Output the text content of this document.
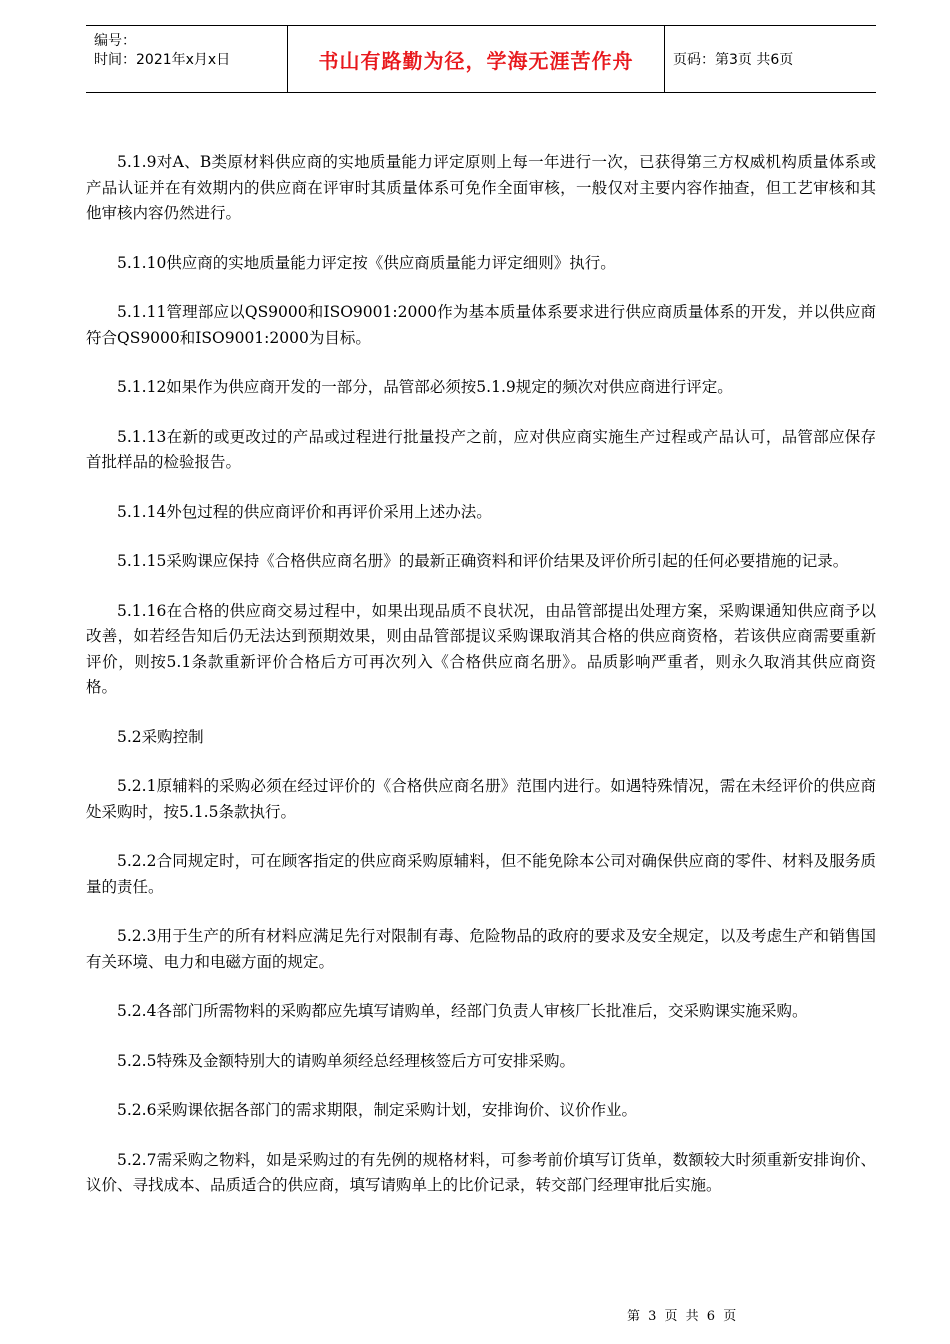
编号：
时间：2021年x月x日	书山有路勤为径，学海无涯苦作舟	页码：第3页 共6页

5.1.9对A、B类原材料供应商的实地质量能力评定原则上每一年进行一次，已获得第三方权威机构质量体系或产品认证并在有效期内的供应商在评审时其质量体系可免作全面审核，一般仅对主要内容作抽查，但工艺审核和其他审核内容仍然进行。

5.1.10供应商的实地质量能力评定按《供应商质量能力评定细则》执行。

5.1.11管理部应以QS9000和ISO9001:2000作为基本质量体系要求进行供应商质量体系的开发，并以供应商符合QS9000和ISO9001:2000为目标。

5.1.12如果作为供应商开发的一部分，品管部必须按5.1.9规定的频次对供应商进行评定。

5.1.13在新的或更改过的产品或过程进行批量投产之前，应对供应商实施生产过程或产品认可，品管部应保存首批样品的检验报告。

5.1.14外包过程的供应商评价和再评价采用上述办法。

5.1.15采购课应保持《合格供应商名册》的最新正确资料和评价结果及评价所引起的任何必要措施的记录。

5.1.16在合格的供应商交易过程中，如果出现品质不良状况，由品管部提出处理方案，采购课通知供应商予以改善，如若经告知后仍无法达到预期效果，则由品管部提议采购课取消其合格的供应商资格，若该供应商需要重新评价，则按5.1条款重新评价合格后方可再次列入《合格供应商名册》。品质影响严重者，则永久取消其供应商资格。

5.2采购控制

5.2.1原辅料的采购必须在经过评价的《合格供应商名册》范围内进行。如遇特殊情况，需在未经评价的供应商处采购时，按5.1.5条款执行。

5.2.2合同规定时，可在顾客指定的供应商采购原辅料，但不能免除本公司对确保供应商的零件、材料及服务质量的责任。

5.2.3用于生产的所有材料应满足先行对限制有毒、危险物品的政府的要求及安全规定，以及考虑生产和销售国有关环境、电力和电磁方面的规定。

5.2.4各部门所需物料的采购都应先填写请购单，经部门负责人审核厂长批准后，交采购课实施采购。

5.2.5特殊及金额特别大的请购单须经总经理核签后方可安排采购。

5.2.6采购课依据各部门的需求期限，制定采购计划，安排询价、议价作业。

5.2.7需采购之物料，如是采购过的有先例的规格材料，可参考前价填写订货单，数额较大时须重新安排询价、议价、寻找成本、品质适合的供应商，填写请购单上的比价记录，转交部门经理审批后实施。

第 3 页 共 6 页
